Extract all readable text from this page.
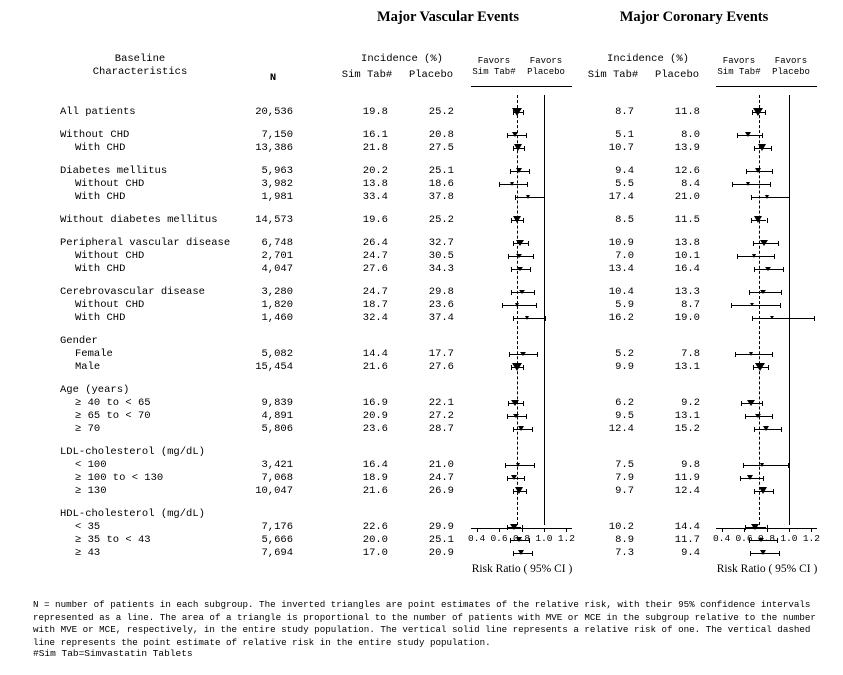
Major Vascular Events	Major Coronary Events
Baseline
Characteristics	N
Incidence (%)
Sim Tab#	Placebo
Incidence (%)
Sim Tab#	Placebo
Favors
Sim Tab#
Favors
Placebo
Favors
Sim Tab#
Favors
Placebo
All patients	20,536	19.8	25.2	8.7	11.8
Without CHD	7,150	16.1	20.8	5.1	8.0
With CHD	13,386	21.8	27.5	10.7	13.9
Diabetes mellitus	5,963	20.2	25.1	9.4	12.6
Without CHD	3,982	13.8	18.6	5.5	8.4
With CHD	1,981	33.4	37.8	17.4	21.0
Without diabetes mellitus	14,573	19.6	25.2	8.5	11.5
Peripheral vascular disease	6,748	26.4	32.7	10.9	13.8
Without CHD	2,701	24.7	30.5	7.0	10.1
With CHD	4,047	27.6	34.3	13.4	16.4
Cerebrovascular disease	3,280	24.7	29.8	10.4	13.3
Without CHD	1,820	18.7	23.6	5.9	8.7
With CHD	1,460	32.4	37.4	16.2	19.0
Gender
Female	5,082	14.4	17.7	5.2	7.8
Male	15,454	21.6	27.6	9.9	13.1
Age (years)
≥ 40 to < 65	9,839	16.9	22.1	6.2	9.2
≥ 65 to < 70	4,891	20.9	27.2	9.5	13.1
≥ 70	5,806	23.6	28.7	12.4	15.2
LDL-cholesterol (mg/dL)
< 100	3,421	16.4	21.0	7.5	9.8
≥ 100 to < 130	7,068	18.9	24.7	7.9	11.9
≥ 130	10,047	21.6	26.9	9.7	12.4
HDL-cholesterol (mg/dL)
< 35	7,176	22.6	29.9	10.2	14.4
≥ 35 to < 43	5,666	20.0	25.1	8.9	11.7
≥ 43	7,694	17.0	20.9	7.3	9.4
0.4 0.6 0.8 1.0 1.2	0.4 0.6 0.8 1.0 1.2
Risk Ratio ( 95% CI )	Risk Ratio ( 95% CI )
N = number of patients in each subgroup. The inverted triangles are point estimates of the relative risk, with their 95% confidence intervals represented as a line. The area of a triangle is proportional to the number of patients with MVE or MCE in the subgroup relative to the number with MVE or MCE, respectively, in the entire study population. The vertical solid line represents a relative risk of one. The vertical dashed line represents the point estimate of relative risk in the entire study population.
#Sim Tab=Simvastatin Tablets
